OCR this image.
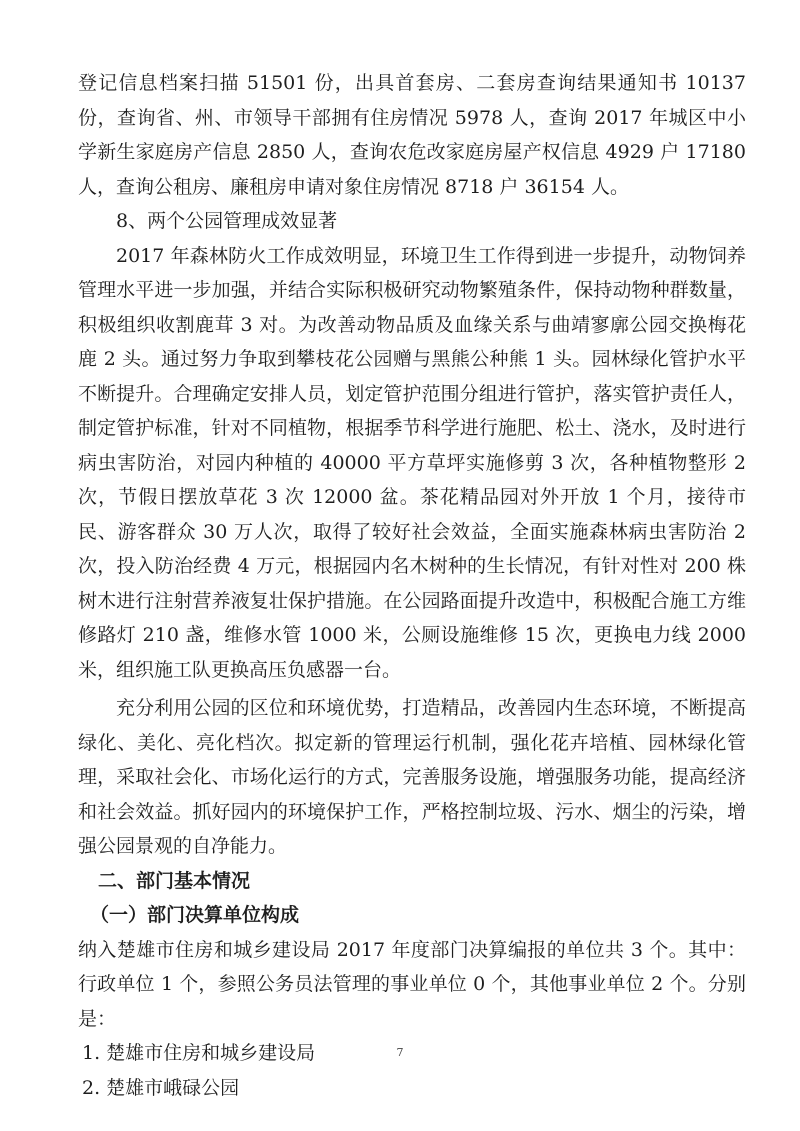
登记信息档案扫描 51501 份，出具首套房、二套房查询结果通知书 10137 份，查询省、州、市领导干部拥有住房情况 5978 人，查询 2017 年城区中小学新生家庭房产信息 2850 人，查询农危改家庭房屋产权信息 4929 户 17180 人，查询公租房、廉租房申请对象住房情况 8718 户 36154 人。

8、两个公园管理成效显著

2017 年森林防火工作成效明显，环境卫生工作得到进一步提升，动物饲养管理水平进一步加强，并结合实际积极研究动物繁殖条件，保持动物种群数量，积极组织收割鹿茸 3 对。为改善动物品质及血缘关系与曲靖寥廓公园交换梅花鹿 2 头。通过努力争取到攀枝花公园赠与黑熊公种熊 1 头。园林绿化管护水平不断提升。合理确定安排人员，划定管护范围分组进行管护，落实管护责任人，制定管护标准，针对不同植物，根据季节科学进行施肥、松土、浇水，及时进行病虫害防治，对园内种植的 40000 平方草坪实施修剪 3 次，各种植物整形 2 次，节假日摆放草花 3 次 12000 盆。茶花精品园对外开放 1 个月，接待市民、游客群众 30 万人次，取得了较好社会效益，全面实施森林病虫害防治 2 次，投入防治经费 4 万元，根据园内名木树种的生长情况，有针对性对 200 株树木进行注射营养液复壮保护措施。在公园路面提升改造中，积极配合施工方维修路灯 210 盏，维修水管 1000 米，公厕设施维修 15 次，更换电力线 2000 米，组织施工队更换高压负感器一台。

充分利用公园的区位和环境优势，打造精品，改善园内生态环境，不断提高绿化、美化、亮化档次。拟定新的管理运行机制，强化花卉培植、园林绿化管理，采取社会化、市场化运行的方式，完善服务设施，增强服务功能，提高经济和社会效益。抓好园内的环境保护工作，严格控制垃圾、污水、烟尘的污染，增强公园景观的自净能力。

二、部门基本情况

（一）部门决算单位构成

纳入楚雄市住房和城乡建设局 2017 年度部门决算编报的单位共 3 个。其中：行政单位 1 个，参照公务员法管理的事业单位 0 个，其他事业单位 2 个。分别是：

1. 楚雄市住房和城乡建设局

2. 楚雄市峨碌公园

7
